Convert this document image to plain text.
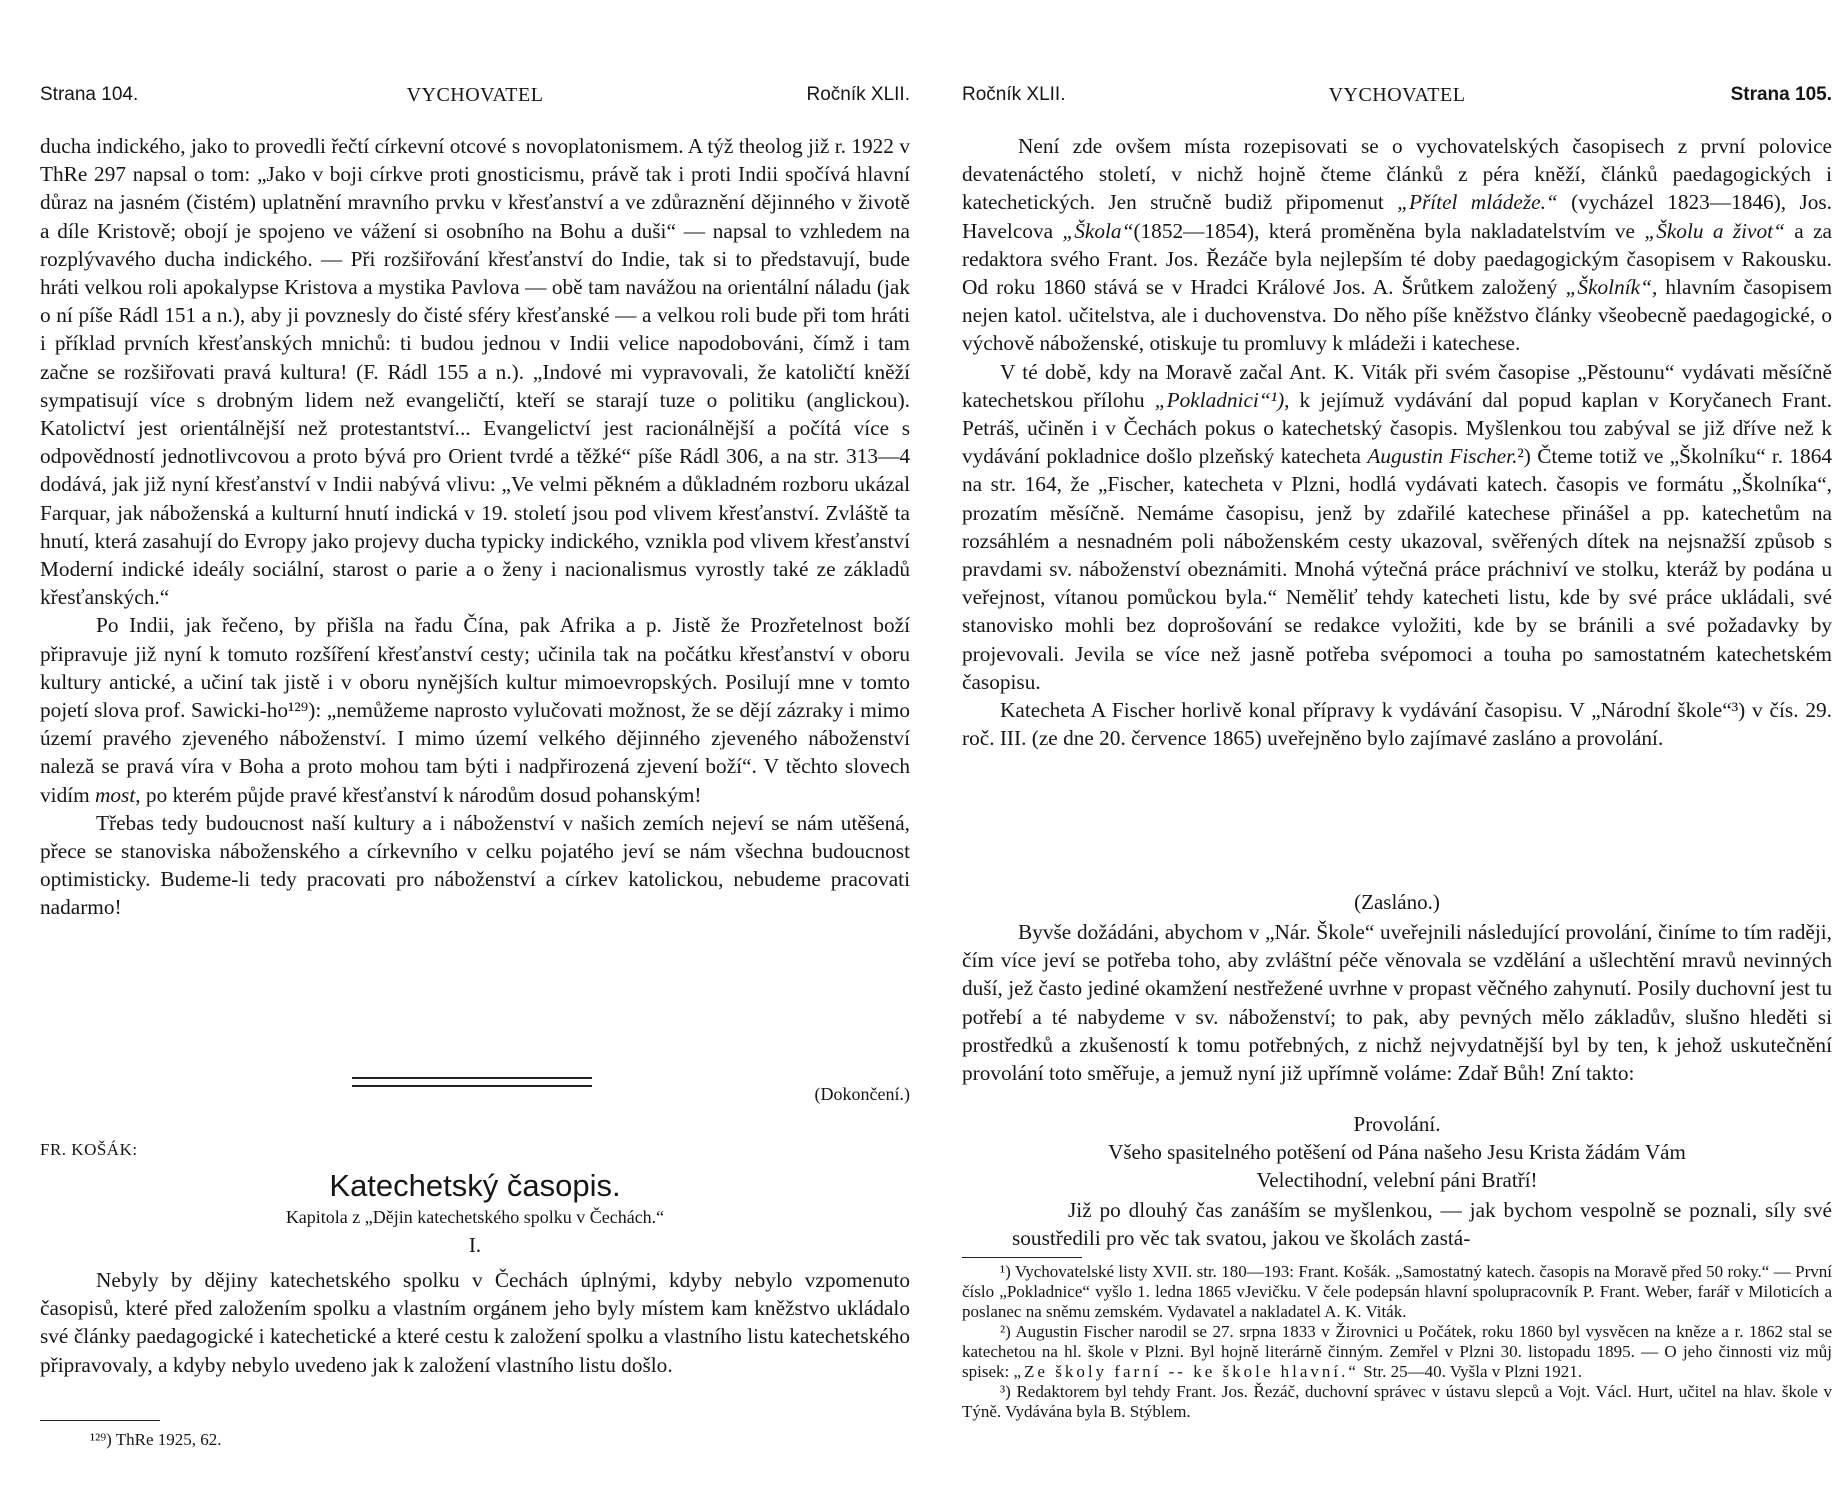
Strana 104.	VYCHOVATEL	Ročník XLII.

ducha indického, jako to provedli řečtí církevní otcové s novoplatonismem. A týž theolog již r. 1922 v ThRe 297 napsal o tom: „Jako v boji církve proti gnosticismu, právě tak i proti Indii spočívá hlavní důraz na jasném (čistém) uplatnění mravního prvku v křesťanství a ve zdůraznění dějinného v životě a díle Kristově; obojí je spojeno ve vážení si osobního na Bohu a duši“ — napsal to vzhledem na rozplývavého ducha indického. — Při rozšiřování křesťanství do Indie, tak si to představují, bude hráti velkou roli apokalypse Kristova a mystika Pavlova — obě tam navážou na orientální náladu (jak o ní píše Rádl 151 a n.), aby ji povznesly do čisté sféry křesťanské — a velkou roli bude při tom hráti i příklad prvních křesťanských mnichů: ti budou jednou v Indii velice napodobováni, čímž i tam začne se rozšiřovati pravá kultura! (F. Rádl 155 a n.). „Indové mi vypravovali, že katoličtí kněží sympatisují více s drobným lidem než evangeličtí, kteří se starají tuze o politiku (anglickou). Katolictví jest orientálnější než protestantství... Evangelictví jest racionálnější a počítá více s odpovědností jednotlivcovou a proto bývá pro Orient tvrdé a těžké“ píše Rádl 306, a na str. 313—4 dodává, jak již nyní křesťanství v Indii nabývá vlivu: „Ve velmi pěkném a důkladném rozboru ukázal Farquar, jak náboženská a kulturní hnutí indická v 19. století jsou pod vlivem křesťanství. Zvláště ta hnutí, která zasahují do Evropy jako projevy ducha typicky indického, vznikla pod vlivem křesťanství Moderní indické ideály sociální, starost o parie a o ženy i nacionalismus vyrostly také ze základů křesťanských.“

Po Indii, jak řečeno, by přišla na řadu Čína, pak Afrika a p. Jistě že Prozřetelnost boží připravuje již nyní k tomuto rozšíření křesťanství cesty; učinila tak na počátku křesťanství v oboru kultury antické, a učiní tak jistě i v oboru nynějších kultur mimoevropských. Posilují mne v tomto pojetí slova prof. Sawicki-ho¹²⁹): „nemůžeme naprosto vylučovati možnost, že se dějí zázraky i mimo území pravého zjeveného náboženství. I mimo území velkého dějinného zjeveného náboženství naleză se pravá víra v Boha a proto mohou tam býti i nadpřirozená zjevení boží“. V těchto slovech vidím most, po kterém půjde pravé křesťanství k národům dosud pohanským!

Třebas tedy budoucnost naší kultury a i náboženství v našich zemích nejeví se nám utěšená, přece se stanoviska náboženského a církevního v celku pojatého jeví se nám všechna budoucnost optimisticky. Budeme-li tedy pracovati pro náboženství a církev katolickou, nebudeme pracovati nadarmo!

(Dokončení.)
FR. KOŠÁK:
Katechetský časopis.
Kapitola z „Dějin katechetského spolku v Čechách.“
I.

Nebyly by dějiny katechetského spolku v Čechách úplnými, kdyby nebylo vzpomenuto časopisů, které před založením spolku a vlastním orgánem jeho byly místem kam kněžstvo ukládalo své články paedagogické i katechetické a které cestu k založení spolku a vlastního listu katechetského připravovaly, a kdyby nebylo uvedeno jak k založení vlastního listu došlo.

¹²⁹) ThRe 1925, 62.
Ročník XLII.	VYCHOVATEL	Strana 105.

Není zde ovšem místa rozepisovati se o vychovatelských časopisech z první polovice devatenáctého století, v nichž hojně čteme článků z péra kněží, článků paedagogických i katechetických. Jen stručně budiž připomenut „Přítel mládeže.“ (vycházel 1823—1846), Jos. Havelcova „Škola“(1852—1854), která proměněna byla nakladatelstvím ve „Školu a život“ a za redaktora svého Frant. Jos. Řezáče byla nejlepším té doby paedagogickým časopisem v Rakousku. Od roku 1860 stává se v Hradci Králové Jos. A. Šrůtkem založený „Školník“, hlavním časopisem nejen katol. učitelstva, ale i duchovenstva. Do něho píše kněžstvo články všeobecně paedagogické, o výchově náboženské, otiskuje tu promluvy k mládeži i katechese.

V té době, kdy na Moravě začal Ant. K. Viták při svém časopise „Pěstounu“ vydávati měsíčně katechetskou přílohu „Pokladnici“¹), k jejímuž vydávání dal popud kaplan v Koryčanech Frant. Petráš, učiněn i v Čechách pokus o katechetský časopis. Myšlenkou tou zabýval se již dříve než k vydávání pokladnice došlo plzeňský katecheta Augustin Fischer.²) Čteme totiž ve „Školníku“ r. 1864 na str. 164, že „Fischer, katecheta v Plzni, hodlá vydávati katech. časopis ve formátu „Školníka“, prozatím měsíčně. Nemáme časopisu, jenž by zdařilé katechese přinášel a pp. katechetům na rozsáhlém a nesnadném poli náboženském cesty ukazoval, svěřených dítek na nejsnažší způsob s pravdami sv. náboženství obeznámiti. Mnohá výtečná práce práchniví ve stolku, kteráž by podána u veřejnost, vítanou pomůckou byla.“ Neměliť tehdy katecheti listu, kde by své práce ukládali, své stanovisko mohli bez doprošování se redakce vyložiti, kde by se bránili a své požadavky by projevovali. Jevila se více než jasně potřeba svépomoci a touha po samostatném katechetském časopisu.

Katecheta A Fischer horlivě konal přípravy k vydávání časopisu. V „Národní škole“³) v čís. 29. roč. III. (ze dne 20. července 1865) uveřejněno bylo zajímavé zasláno a provolání.

(Zasláno.)

Byvše dožádáni, abychom v „Nár. Škole“ uveřejnili následující provolání, činíme to tím raději, čím více jeví se potřeba toho, aby zvláštní péče věnovala se vzdělání a ušlechtění mravů nevinných duší, jež často jediné okamžení nestřežené uvrhne v propast věčného zahynutí. Posily duchovní jest tu potřebí a té nabydeme v sv. náboženství; to pak, aby pevných mělo základův, slušno hleděti si prostředků a zkušeností k tomu potřebných, z nichž nejvydatnější byl by ten, k jehož uskutečnění provolání toto směřuje, a jemuž nyní již upřímně voláme: Zdař Bůh! Zní takto:

Provolání.
Všeho spasitelného potěšení od Pána našeho Jesu Krista žádám Vám
Velectihodní, velební páni Bratří!

Již po dlouhý čas zanáším se myšlenkou, — jak bychom vespolně se poznali, síly své soustředili pro věc tak svatou, jakou ve školách zastá-

¹) Vychovatelské listy XVII. str. 180—193: Frant. Košák. „Samostatný katech. časopis na Moravě před 50 roky.“ — První číslo „Pokladnice“ vyšlo 1. ledna 1865 vJevičku. V čele podepsán hlavní spolupracovník P. Frant. Weber, farář v Miloticích a poslanec na sněmu zemském. Vydavatel a nakladatel A. K. Viták.

²) Augustin Fischer narodil se 27. srpna 1833 v Žirovnici u Počátek, roku 1860 byl vysvěcen na kněze a r. 1862 stal se katechetou na hl. škole v Plzni. Byl hojně literárně činným. Zemřel v Plzni 30. listopadu 1895. — O jeho činnosti viz můj spisek: „Ze školy farní -- ke škole hlavní.“ Str. 25—40. Vyšla v Plzni 1921.

³) Redaktorem byl tehdy Frant. Jos. Řezáč, duchovní správec v ústavu slepců a Vojt. Václ. Hurt, učitel na hlav. škole v Týně. Vydávána byla B. Stýblem.
